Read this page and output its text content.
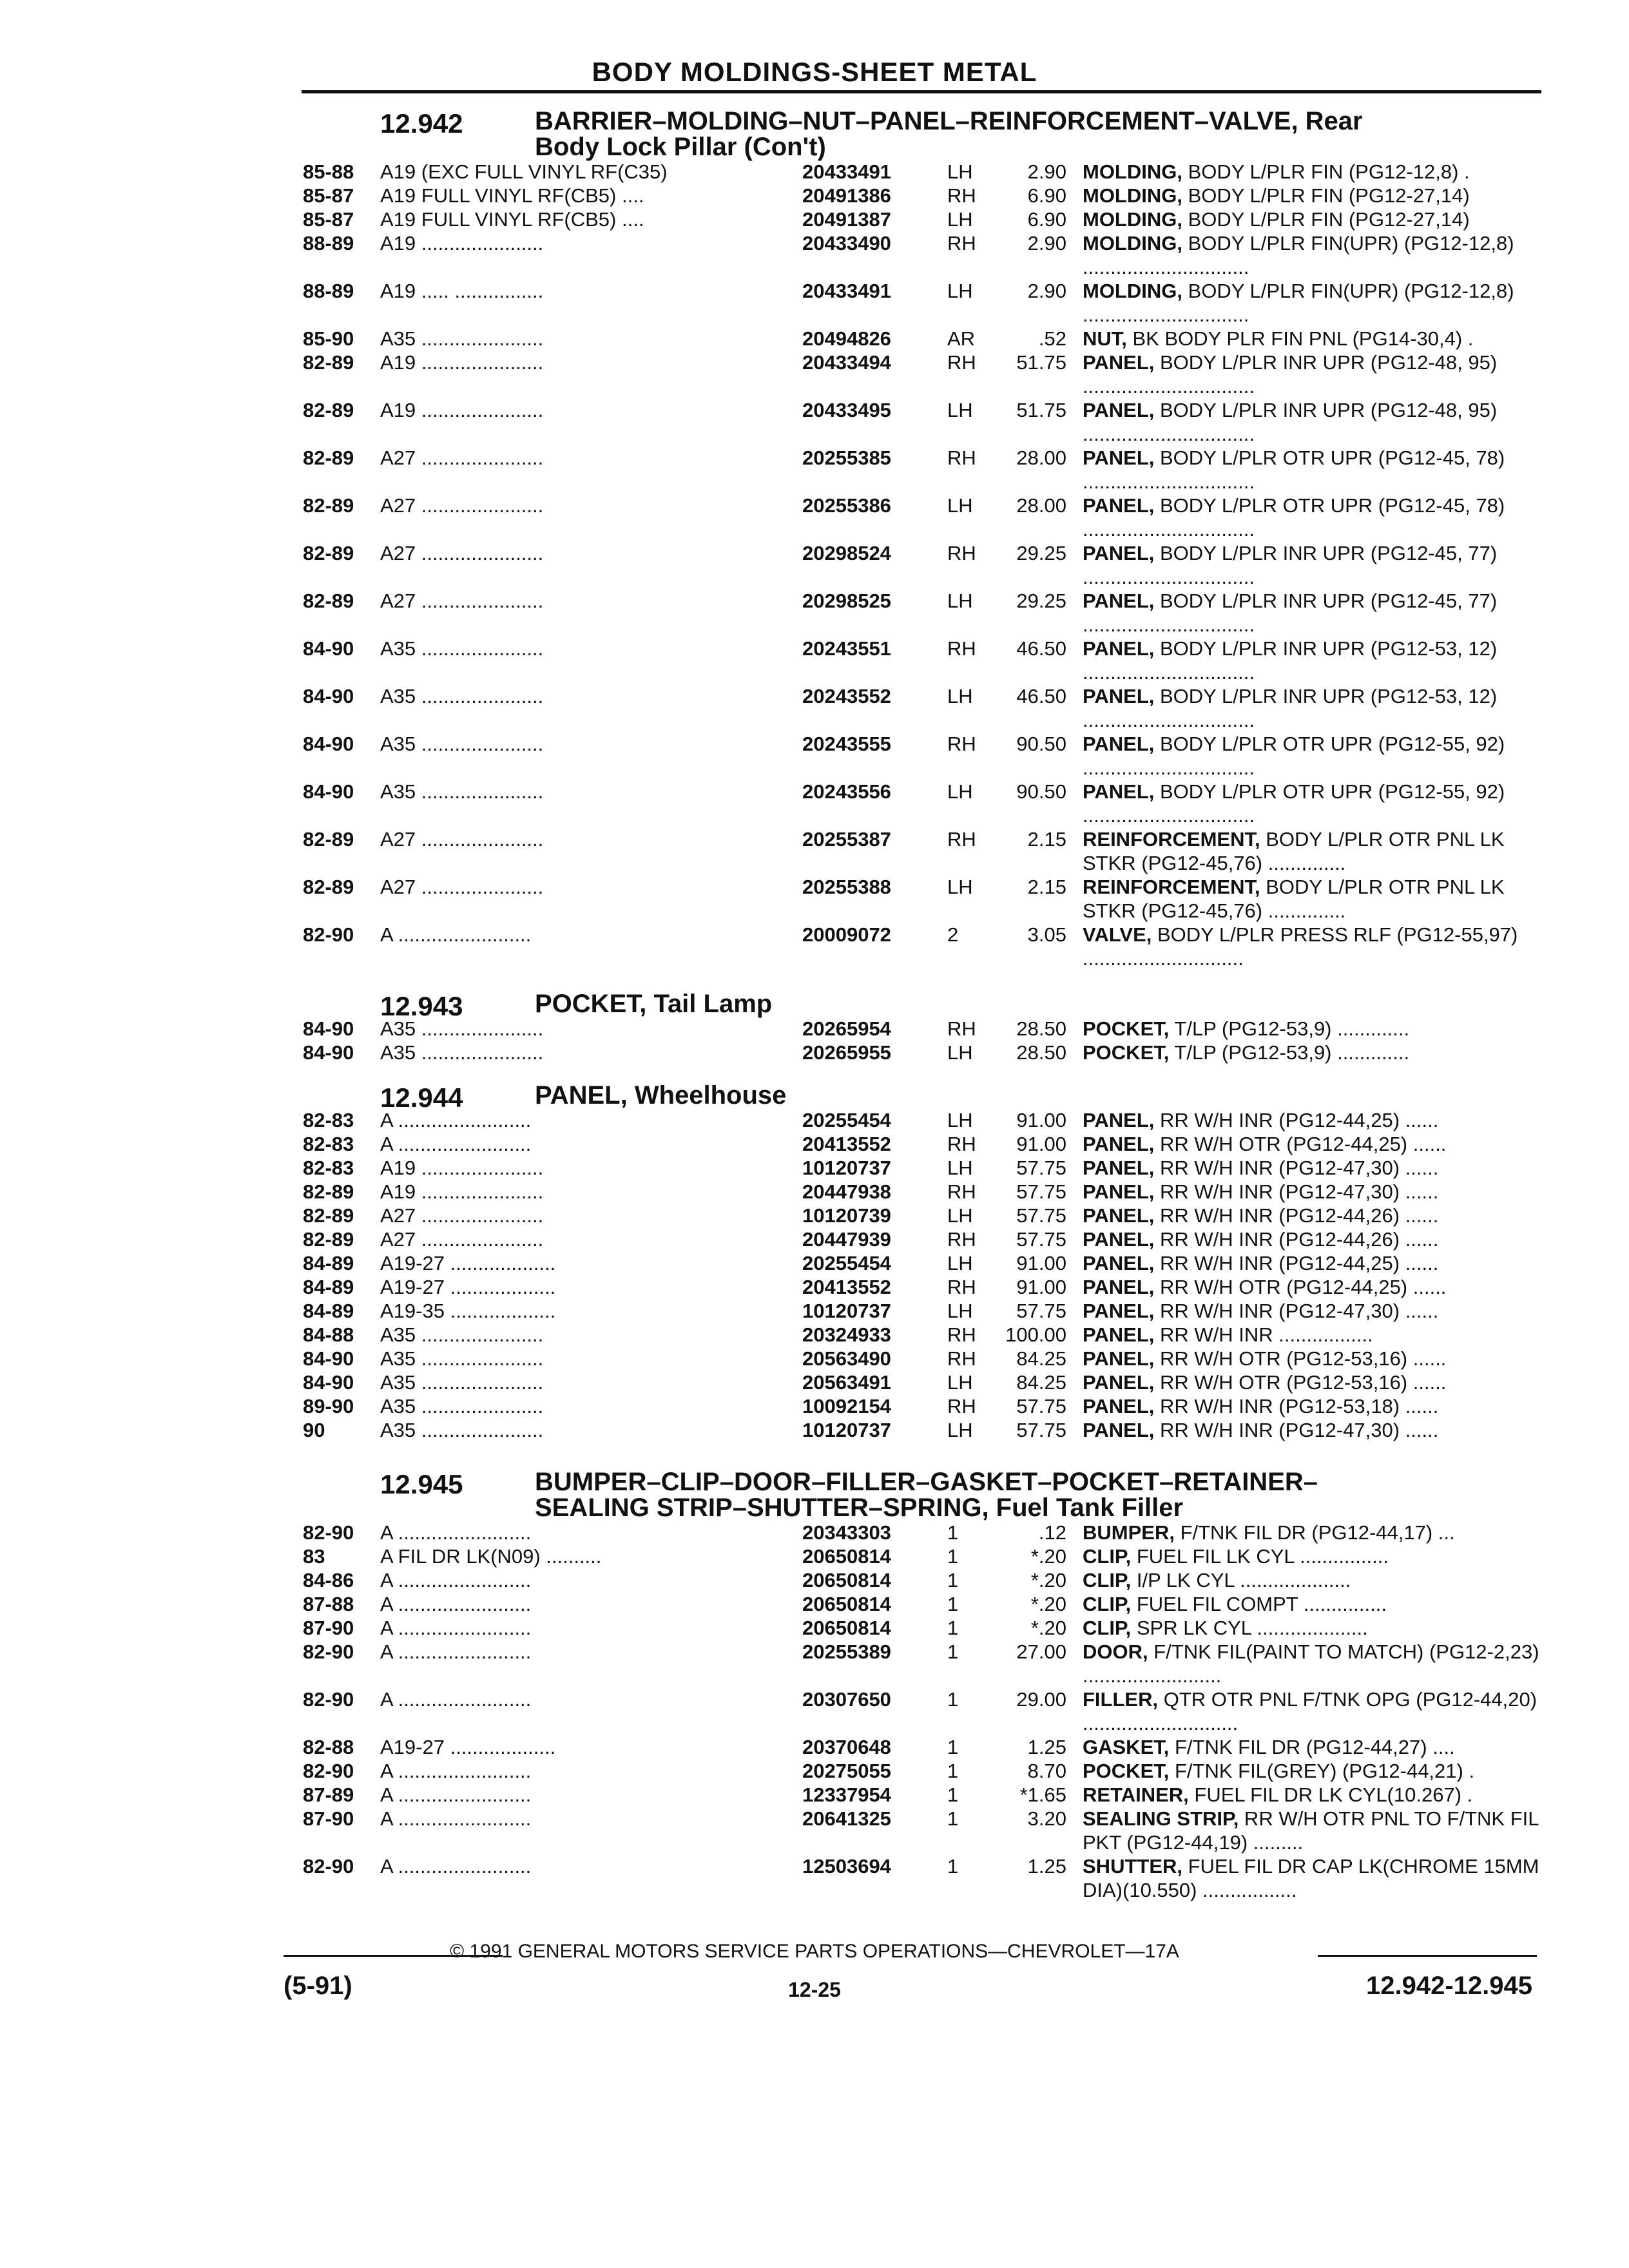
BODY MOLDINGS-SHEET METAL
12.942	BARRIER–MOLDING–NUT–PANEL–REINFORCEMENT–VALVE, Rear
Body Lock Pillar (Con't)
85-88	A19 (EXC FULL VINYL RF(C35)	20433491	LH	2.90 MOLDING, BODY L/PLR FIN (PG12-12,8) .
85-87	A19 FULL VINYL RF(CB5) ....	20491386	RH	6.90 MOLDING, BODY L/PLR FIN (PG12-27,14)
85-87	A19 FULL VINYL RF(CB5) ....	20491387	LH	6.90 MOLDING, BODY L/PLR FIN (PG12-27,14)
88-89	A19 ......................	20433490	RH	2.90 MOLDING, BODY L/PLR FIN(UPR) (PG12-12,8) ..............................
88-89	A19 ..... ................	20433491	LH	2.90 MOLDING, BODY L/PLR FIN(UPR) (PG12-12,8) ..............................
85-90	A35 ......................	20494826	AR	.52 NUT, BK BODY PLR FIN PNL (PG14-30,4) .
82-89	A19 ......................	20433494	RH	51.75 PANEL, BODY L/PLR INR UPR (PG12-48, 95) ...............................
82-89	A19 ......................	20433495	LH	51.75 PANEL, BODY L/PLR INR UPR (PG12-48, 95) ...............................
82-89	A27 ......................	20255385	RH	28.00 PANEL, BODY L/PLR OTR UPR (PG12-45, 78) ...............................
82-89	A27 ......................	20255386	LH	28.00 PANEL, BODY L/PLR OTR UPR (PG12-45, 78) ...............................
82-89	A27 ......................	20298524	RH	29.25 PANEL, BODY L/PLR INR UPR (PG12-45, 77) ...............................
82-89	A27 ......................	20298525	LH	29.25 PANEL, BODY L/PLR INR UPR (PG12-45, 77) ...............................
84-90	A35 ......................	20243551	RH	46.50 PANEL, BODY L/PLR INR UPR (PG12-53, 12) ...............................
84-90	A35 ......................	20243552	LH	46.50 PANEL, BODY L/PLR INR UPR (PG12-53, 12) ...............................
84-90	A35 ......................	20243555	RH	90.50 PANEL, BODY L/PLR OTR UPR (PG12-55, 92) ...............................
84-90	A35 ......................	20243556	LH	90.50 PANEL, BODY L/PLR OTR UPR (PG12-55, 92) ...............................
82-89	A27 ......................	20255387	RH	2.15 REINFORCEMENT, BODY L/PLR OTR PNL LK STKR (PG12-45,76) ..............
82-89	A27 ......................	20255388	LH	2.15 REINFORCEMENT, BODY L/PLR OTR PNL LK STKR (PG12-45,76) ..............
82-90	A ........................	20009072	2	3.05 VALVE, BODY L/PLR PRESS RLF (PG12-55,97) .............................
12.943	POCKET, Tail Lamp
84-90	A35 ......................	20265954	RH	28.50 POCKET, T/LP (PG12-53,9) .............
84-90	A35 ......................	20265955	LH	28.50 POCKET, T/LP (PG12-53,9) .............
12.944	PANEL, Wheelhouse
82-83	A ........................	20255454	LH	91.00 PANEL, RR W/H INR (PG12-44,25) ......
82-83	A ........................	20413552	RH	91.00 PANEL, RR W/H OTR (PG12-44,25) ......
82-83	A19 ......................	10120737	LH	57.75 PANEL, RR W/H INR (PG12-47,30) ......
82-89	A19 ......................	20447938	RH	57.75 PANEL, RR W/H INR (PG12-47,30) ......
82-89	A27 ......................	10120739	LH	57.75 PANEL, RR W/H INR (PG12-44,26) ......
82-89	A27 ......................	20447939	RH	57.75 PANEL, RR W/H INR (PG12-44,26) ......
84-89	A19-27 ...................	20255454	LH	91.00 PANEL, RR W/H INR (PG12-44,25) ......
84-89	A19-27 ...................	20413552	RH	91.00 PANEL, RR W/H OTR (PG12-44,25) ......
84-89	A19-35 ...................	10120737	LH	57.75 PANEL, RR W/H INR (PG12-47,30) ......
84-88	A35 ......................	20324933	RH	100.00 PANEL, RR W/H INR .................
84-90	A35 ......................	20563490	RH	84.25 PANEL, RR W/H OTR (PG12-53,16) ......
84-90	A35 ......................	20563491	LH	84.25 PANEL, RR W/H OTR (PG12-53,16) ......
89-90	A35 ......................	10092154	RH	57.75 PANEL, RR W/H INR (PG12-53,18) ......
90	A35 ......................	10120737	LH	57.75 PANEL, RR W/H INR (PG12-47,30) ......
12.945	BUMPER–CLIP–DOOR–FILLER–GASKET–POCKET–RETAINER–
SEALING STRIP–SHUTTER–SPRING, Fuel Tank Filler
82-90	A ........................	20343303	1	.12 BUMPER, F/TNK FIL DR (PG12-44,17) ...
83	A FIL DR LK(N09) ..........	20650814	1	*.20 CLIP, FUEL FIL LK CYL ................
84-86	A ........................	20650814	1	*.20 CLIP, I/P LK CYL ....................
87-88	A ........................	20650814	1	*.20 CLIP, FUEL FIL COMPT ...............
87-90	A ........................	20650814	1	*.20 CLIP, SPR LK CYL ....................
82-90	A ........................	20255389	1	27.00 DOOR, F/TNK FIL(PAINT TO MATCH) (PG12-2,23) .........................
82-90	A ........................	20307650	1	29.00 FILLER, QTR OTR PNL F/TNK OPG (PG12-44,20) ............................
82-88	A19-27 ...................	20370648	1	1.25 GASKET, F/TNK FIL DR (PG12-44,27) ....
82-90	A ........................	20275055	1	8.70 POCKET, F/TNK FIL(GREY) (PG12-44,21) .
87-89	A ........................	12337954	1	*1.65 RETAINER, FUEL FIL DR LK CYL(10.267) .
87-90	A ........................	20641325	1	3.20 SEALING STRIP, RR W/H OTR PNL TO F/TNK FIL PKT (PG12-44,19) .........
82-90	A ........................	12503694	1	1.25 SHUTTER, FUEL FIL DR CAP LK(CHROME 15MM DIA)(10.550) .................
© 1991 GENERAL MOTORS SERVICE PARTS OPERATIONS—CHEVROLET—17A
(5-91)	12-25	12.942-12.945
